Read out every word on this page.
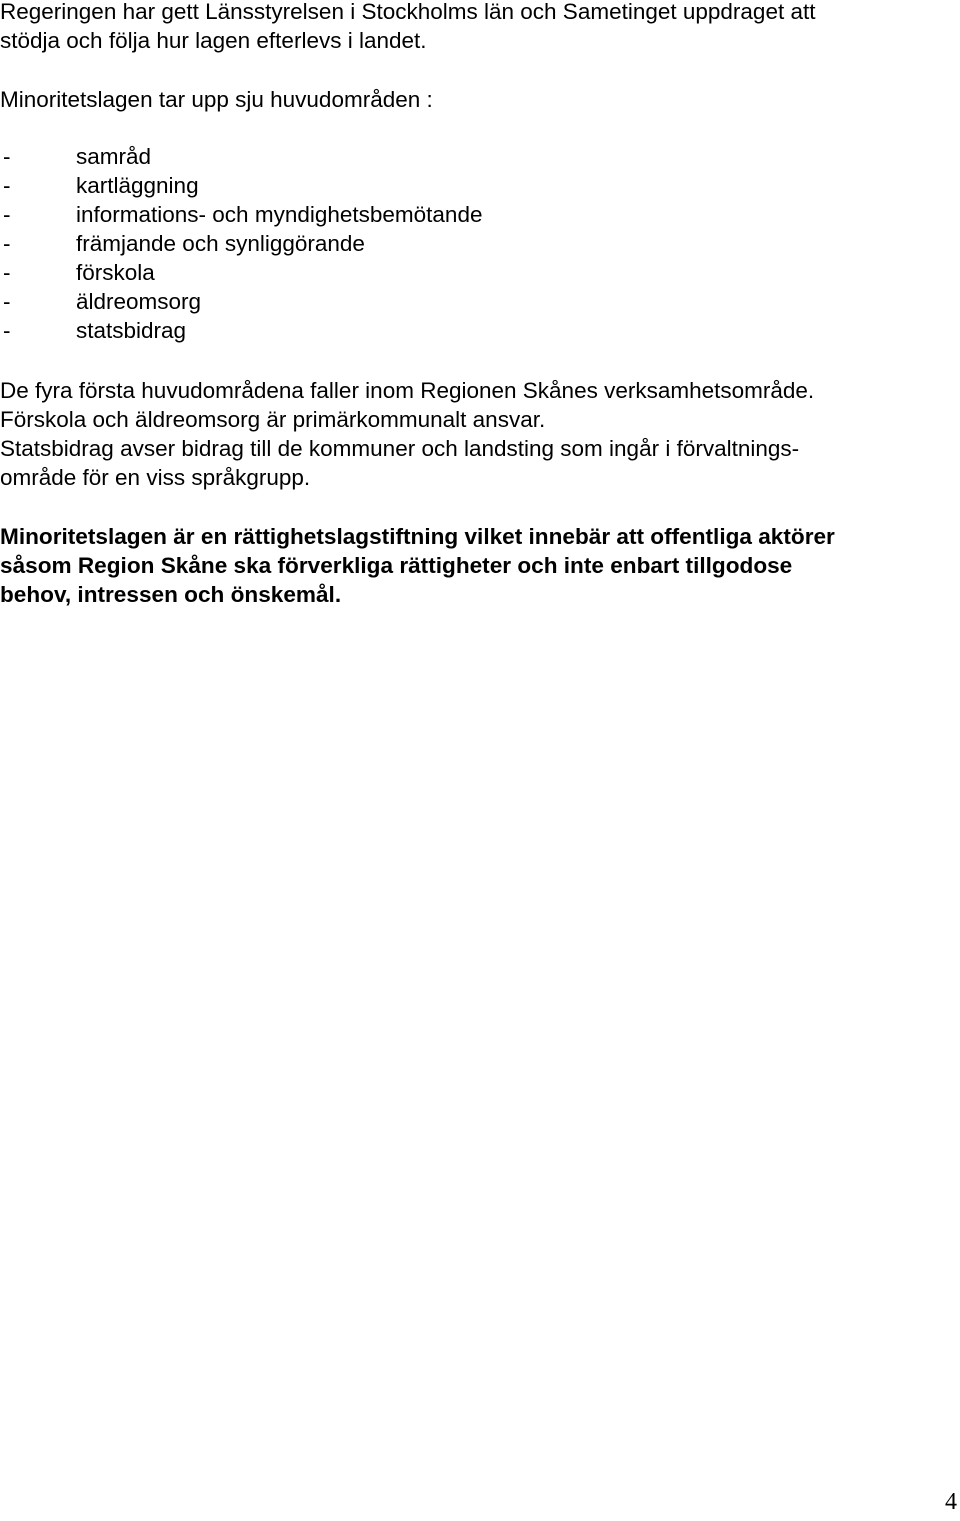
Regeringen har gett Länsstyrelsen i Stockholms län och Sametinget uppdraget att
stödja och följa hur lagen efterlevs i landet.

Minoritetslagen tar upp sju huvudområden :

-	samråd
-	kartläggning
-	informations- och myndighetsbemötande
-	främjande och synliggörande
-	förskola
-	äldreomsorg
-	statsbidrag

De fyra första huvudområdena faller inom Regionen Skånes verksamhetsområde.
Förskola och äldreomsorg är primärkommunalt ansvar.
Statsbidrag avser bidrag till de kommuner och landsting som ingår i förvaltnings-
område för en viss språkgrupp.

Minoritetslagen är en rättighetslagstiftning vilket innebär att offentliga aktörer
såsom Region Skåne ska förverkliga rättigheter och inte enbart tillgodose
behov, intressen och önskemål.

4
